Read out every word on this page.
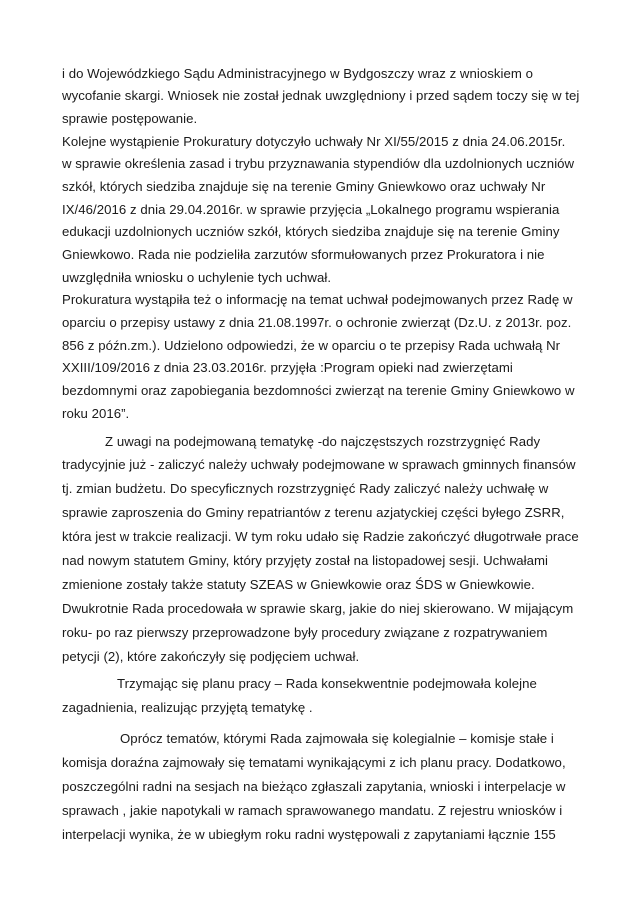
i do Wojewódzkiego Sądu Administracyjnego w Bydgoszczy wraz z wnioskiem o
wycofanie skargi. Wniosek nie został jednak uwzględniony i przed sądem toczy się w tej
sprawie postępowanie.
Kolejne wystąpienie Prokuratury dotyczyło uchwały Nr XI/55/2015 z dnia 24.06.2015r.
w sprawie określenia zasad i trybu przyznawania stypendiów dla uzdolnionych uczniów
szkół, których siedziba znajduje się na terenie Gminy Gniewkowo oraz uchwały Nr
IX/46/2016 z dnia 29.04.2016r. w sprawie przyjęcia „Lokalnego programu wspierania
edukacji uzdolnionych uczniów szkół, których siedziba znajduje się na terenie Gminy
Gniewkowo. Rada nie podzieliła zarzutów sformułowanych przez Prokuratora i nie
uwzględniła wniosku o uchylenie tych uchwał.
Prokuratura wystąpiła też o informację na temat uchwał podejmowanych przez Radę w
oparciu o przepisy ustawy z dnia 21.08.1997r. o ochronie zwierząt (Dz.U. z 2013r. poz.
856 z późn.zm.). Udzielono odpowiedzi, że w oparciu o te przepisy Rada uchwałą Nr
XXIII/109/2016 z dnia 23.03.2016r. przyjęła :Program opieki nad zwierzętami
bezdomnymi oraz zapobiegania bezdomności zwierząt na terenie Gminy Gniewkowo w
roku 2016”.
Z uwagi na podejmowaną tematykę -do najczęstszych rozstrzygnięć Rady
tradycyjnie już - zaliczyć należy uchwały podejmowane w sprawach gminnych finansów
tj. zmian budżetu. Do specyficznych rozstrzygnięć Rady zaliczyć należy uchwałę w
sprawie zaproszenia do Gminy repatriantów z terenu azjatyckiej części byłego ZSRR,
która jest w trakcie realizacji. W tym roku udało się Radzie zakończyć długotrwałe prace
nad nowym statutem Gminy, który przyjęty został na listopadowej sesji. Uchwałami
zmienione zostały także statuty SZEAS w Gniewkowie oraz ŚDS w Gniewkowie.
Dwukrotnie Rada procedowała w sprawie skarg, jakie do niej skierowano. W mijającym
roku- po raz pierwszy przeprowadzone były procedury związane z rozpatrywaniem
petycji (2), które zakończyły się podjęciem uchwał.
Trzymając się planu pracy – Rada konsekwentnie podejmowała kolejne
zagadnienia, realizując przyjętą tematykę .
Oprócz tematów, którymi Rada zajmowała się kolegialnie – komisje stałe i
komisja doraźna zajmowały się tematami wynikającymi z ich planu pracy. Dodatkowo,
poszczególni radni na sesjach na bieżąco zgłaszali zapytania, wnioski i interpelacje w
sprawach , jakie napotykali w ramach sprawowanego mandatu. Z rejestru wniosków i
interpelacji wynika, że w ubiegłym roku radni występowali z zapytaniami łącznie 155
